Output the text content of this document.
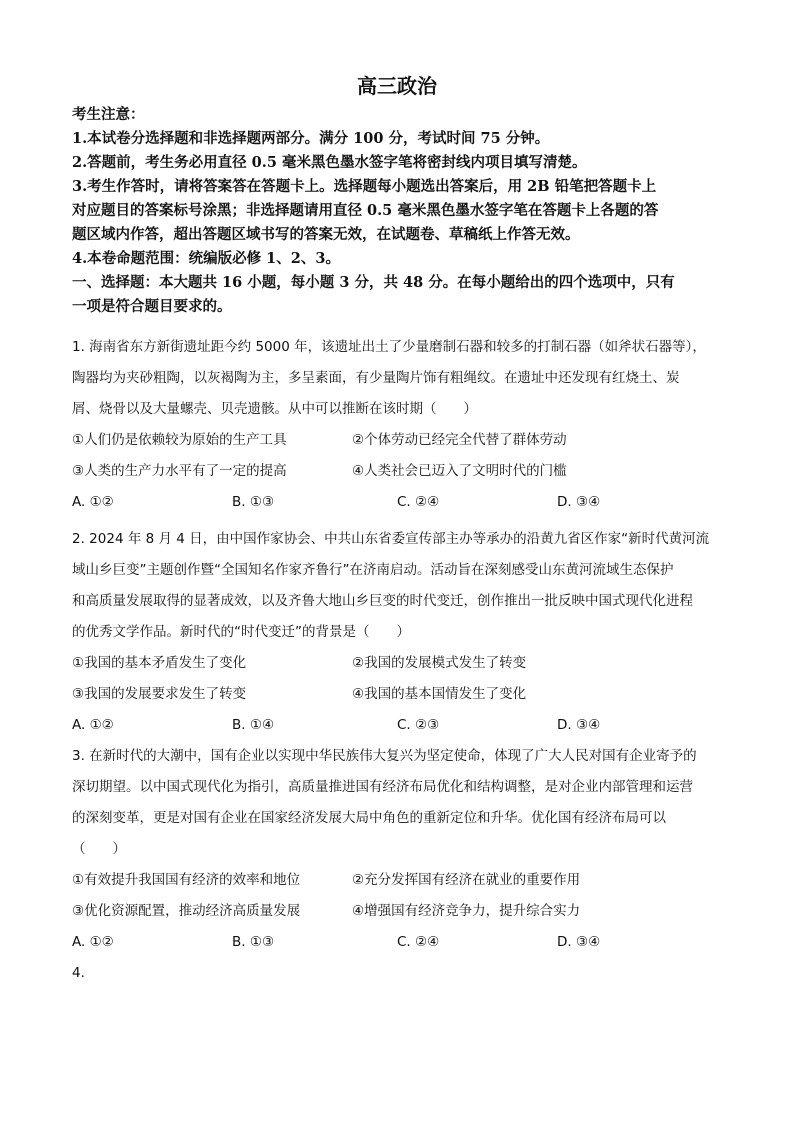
高三政治
考生注意：
1.本试卷分选择题和非选择题两部分。满分 100 分，考试时间 75 分钟。
2.答题前，考生务必用直径 0.5 毫米黑色墨水签字笔将密封线内项目填写清楚。
3.考生作答时，请将答案答在答题卡上。选择题每小题选出答案后，用 2B 铅笔把答题卡上
对应题目的答案标号涂黑；非选择题请用直径 0.5 毫米黑色墨水签字笔在答题卡上各题的答
题区域内作答，超出答题区域书写的答案无效，在试题卷、草稿纸上作答无效。
4.本卷命题范围：统编版必修 1、2、3。
一、选择题：本大题共 16 小题，每小题 3 分，共 48 分。在每小题给出的四个选项中，只有
一项是符合题目要求的。
1. 海南省东方新街遗址距今约 5000 年，该遗址出土了少量磨制石器和较多的打制石器（如斧状石器等），
陶器均为夹砂粗陶，以灰褐陶为主，多呈素面，有少量陶片饰有粗绳纹。在遗址中还发现有红烧土、炭
屑、烧骨以及大量螺壳、贝壳遗骸。从中可以推断在该时期（　　）
①人们仍是依赖较为原始的生产工具	②个体劳动已经完全代替了群体劳动
③人类的生产力水平有了一定的提高	④人类社会已迈入了文明时代的门槛
A. ①②	B. ①③	C. ②④	D. ③④
2. 2024 年 8 月 4 日，由中国作家协会、中共山东省委宣传部主办等承办的沿黄九省区作家“新时代黄河流
域山乡巨变”主题创作暨“全国知名作家齐鲁行”在济南启动。活动旨在深刻感受山东黄河流域生态保护
和高质量发展取得的显著成效，以及齐鲁大地山乡巨变的时代变迁，创作推出一批反映中国式现代化进程
的优秀文学作品。新时代的“时代变迁”的背景是（　　）
①我国的基本矛盾发生了变化	②我国的发展模式发生了转变
③我国的发展要求发生了转变	④我国的基本国情发生了变化
A. ①②	B. ①④	C. ②③	D. ③④
3. 在新时代的大潮中，国有企业以实现中华民族伟大复兴为坚定使命，体现了广大人民对国有企业寄予的
深切期望。以中国式现代化为指引，高质量推进国有经济布局优化和结构调整，是对企业内部管理和运营
的深刻变革，更是对国有企业在国家经济发展大局中角色的重新定位和升华。优化国有经济布局可以
（　　）
①有效提升我国国有经济的效率和地位	②充分发挥国有经济在就业的重要作用
③优化资源配置，推动经济高质量发展	④增强国有经济竞争力，提升综合实力
A. ①②	B. ①③	C. ②④	D. ③④
4.
